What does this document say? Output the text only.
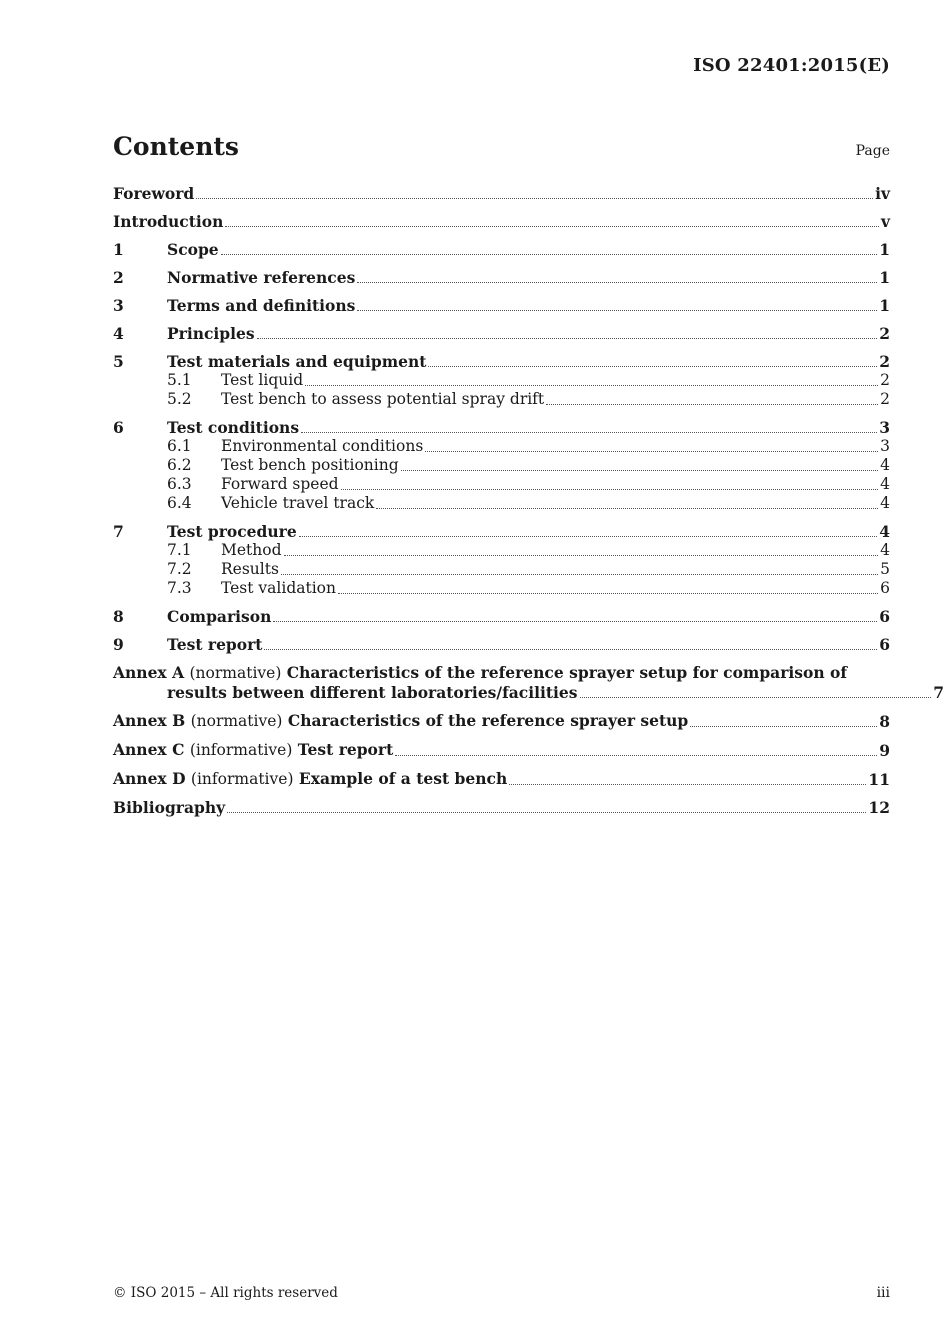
ISO 22401:2015(E)
Contents	Page
Foreword	iv
Introduction	v
1	Scope	1
2	Normative references	1
3	Terms and definitions	1
4	Principles	2
5	Test materials and equipment	2
5.1	Test liquid	2
5.2	Test bench to assess potential spray drift	2
6	Test conditions	3
6.1	Environmental conditions	3
6.2	Test bench positioning	4
6.3	Forward speed	4
6.4	Vehicle travel track	4
7	Test procedure	4
7.1	Method	4
7.2	Results	5
7.3	Test validation	6
8	Comparison	6
9	Test report	6
Annex A (normative) Characteristics of the reference sprayer setup for comparison of
results between different laboratories/facilities	7
Annex B (normative) Characteristics of the reference sprayer setup	8
Annex C (informative) Test report	9
Annex D (informative) Example of a test bench	11
Bibliography	12
© ISO 2015 – All rights reserved	iii
